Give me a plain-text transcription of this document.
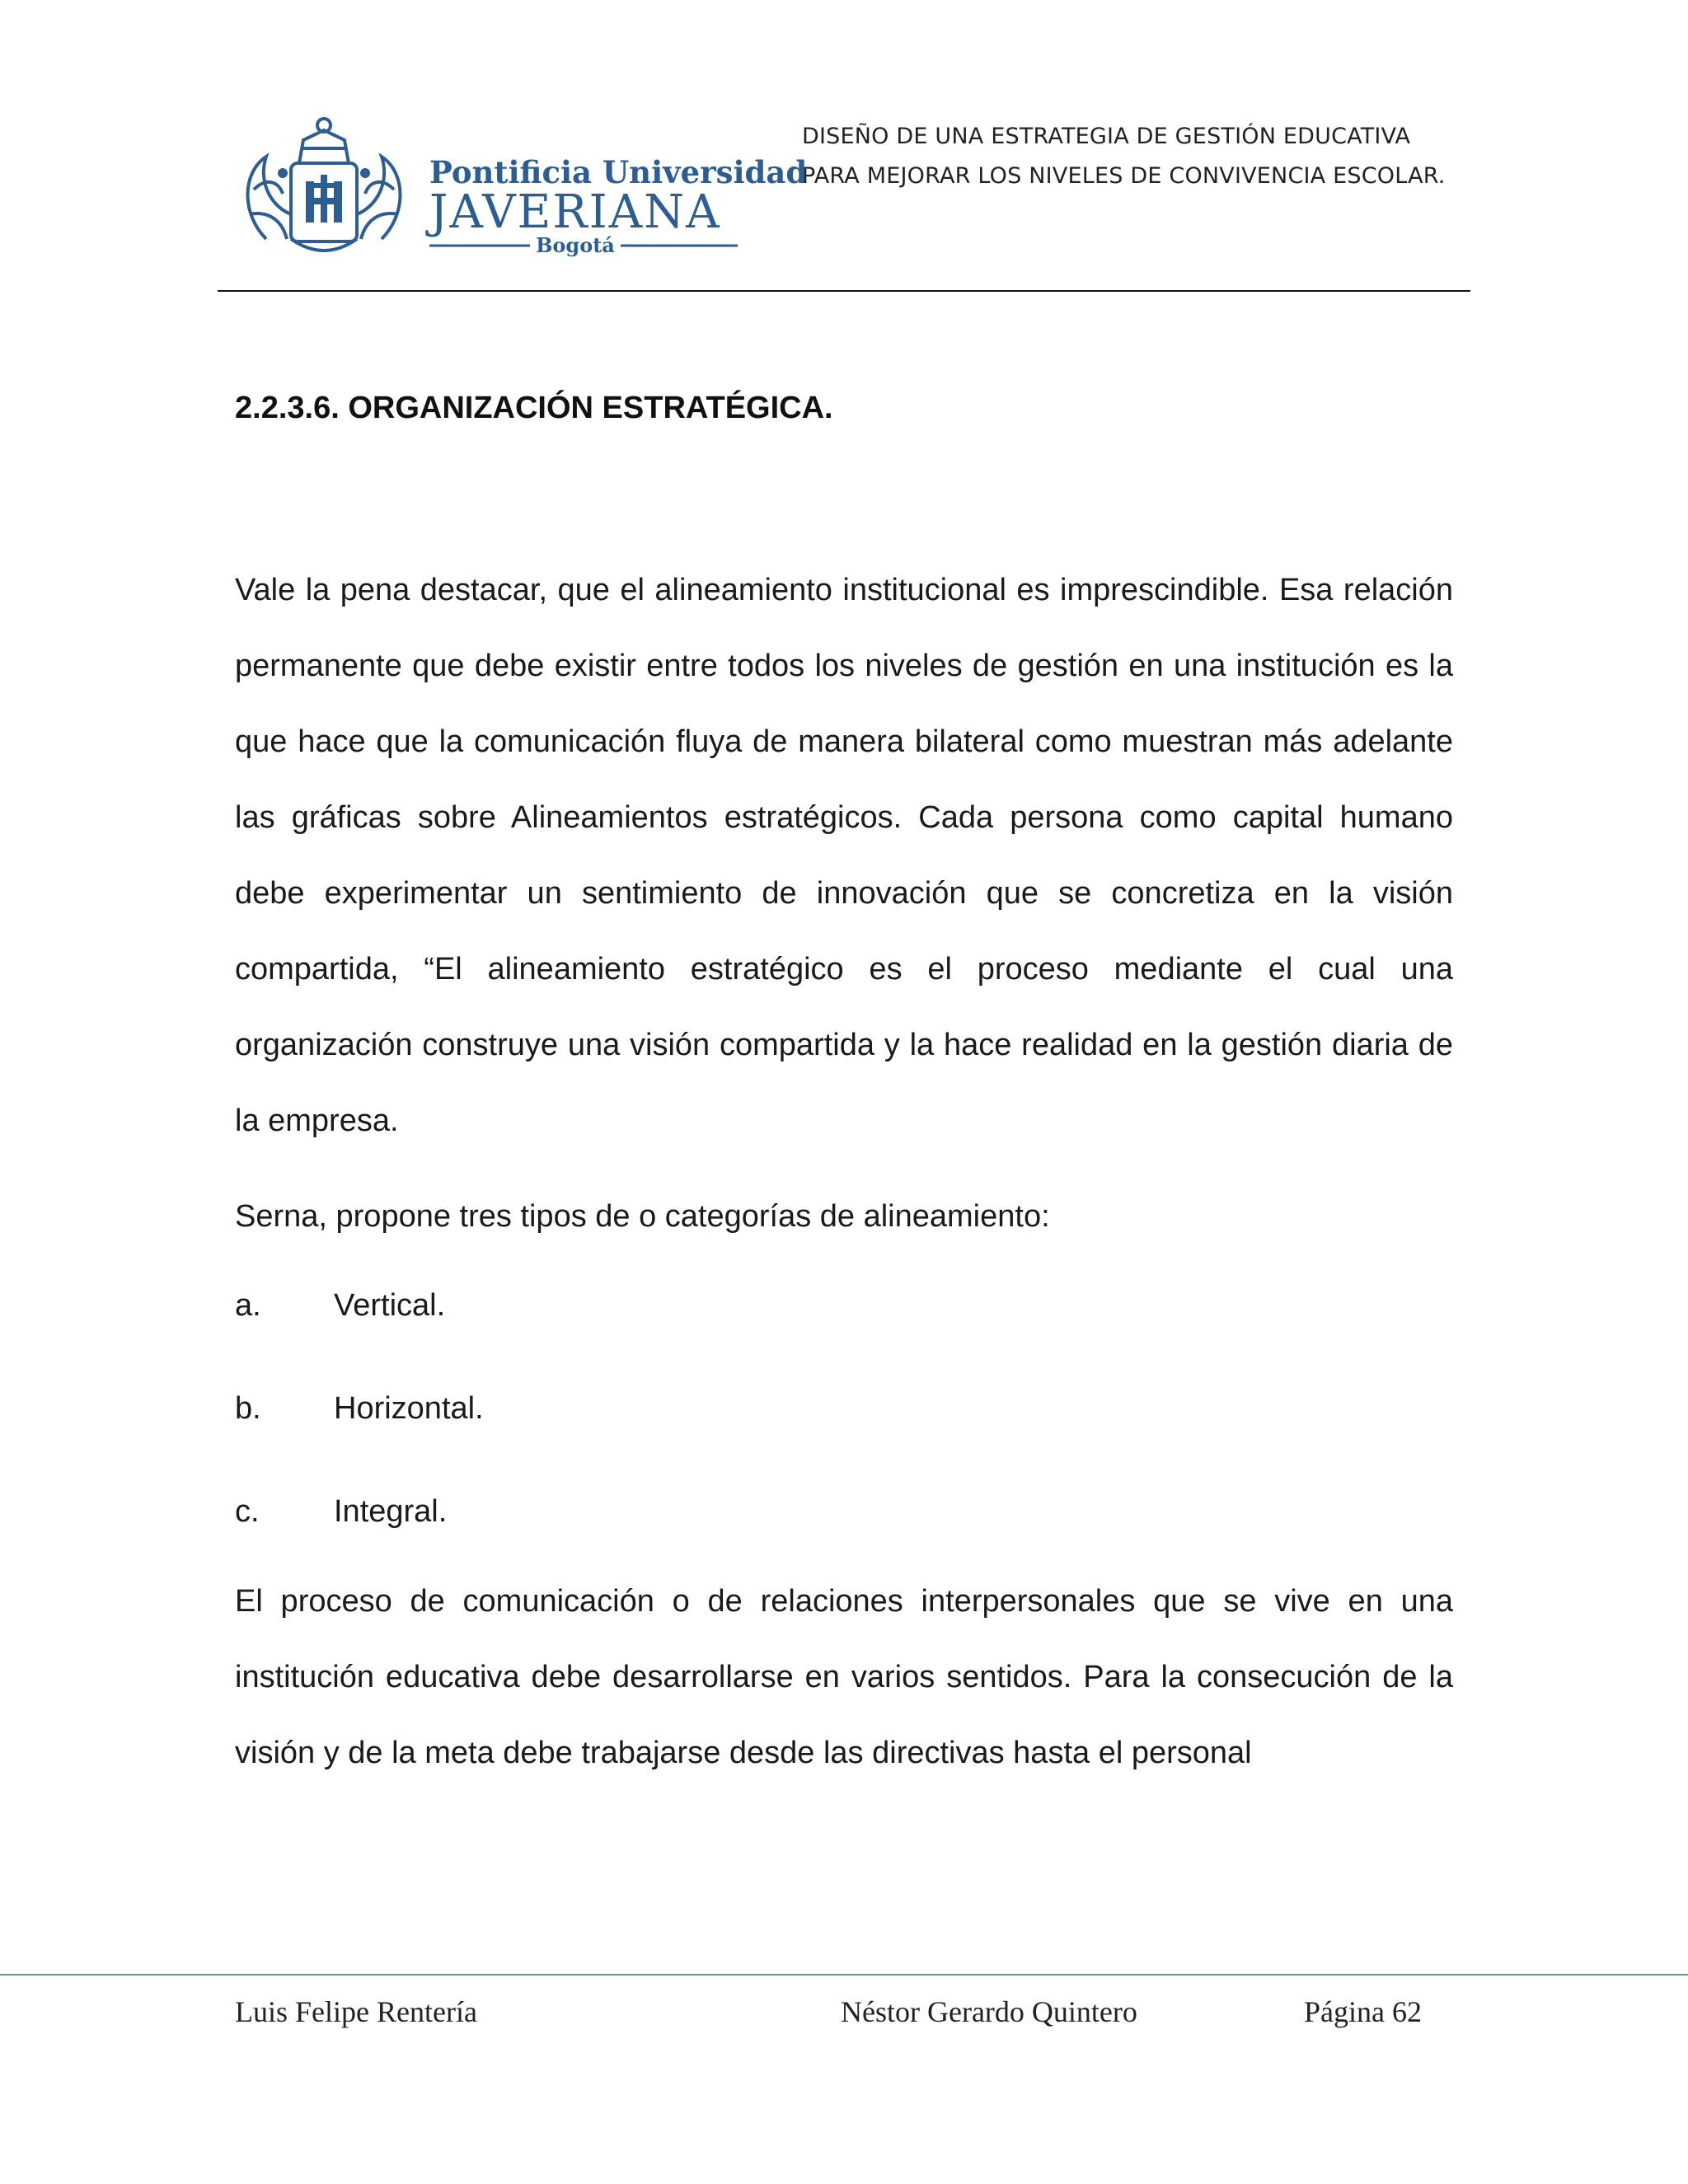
Pontificia Universidad
JAVERIANA
Bogotá
DISEÑO DE UNA ESTRATEGIA DE GESTIÓN EDUCATIVA
PARA MEJORAR LOS NIVELES DE CONVIVENCIA ESCOLAR.
2.2.3.6. ORGANIZACIÓN ESTRATÉGICA.

Vale la pena destacar, que el alineamiento institucional es imprescindible. Esa relación permanente que debe existir entre todos los niveles de gestión en una institución es la que hace que la comunicación fluya de manera bilateral como muestran más adelante las gráficas sobre Alineamientos estratégicos. Cada persona como capital humano debe experimentar un sentimiento de innovación que se concretiza en la visión compartida, “El alineamiento estratégico es el proceso mediante el cual una organización construye una visión compartida y la hace realidad en la gestión diaria de la empresa.

Serna, propone tres tipos de o categorías de alineamiento:

a.	Vertical.
b.	Horizontal.
c.	Integral.

El proceso de comunicación o de relaciones interpersonales que se vive en una institución educativa debe desarrollarse en varios sentidos. Para la consecución de la visión y de la meta debe trabajarse desde las directivas hasta el personal

Luis Felipe Rentería	Néstor Gerardo Quintero	Página 62
